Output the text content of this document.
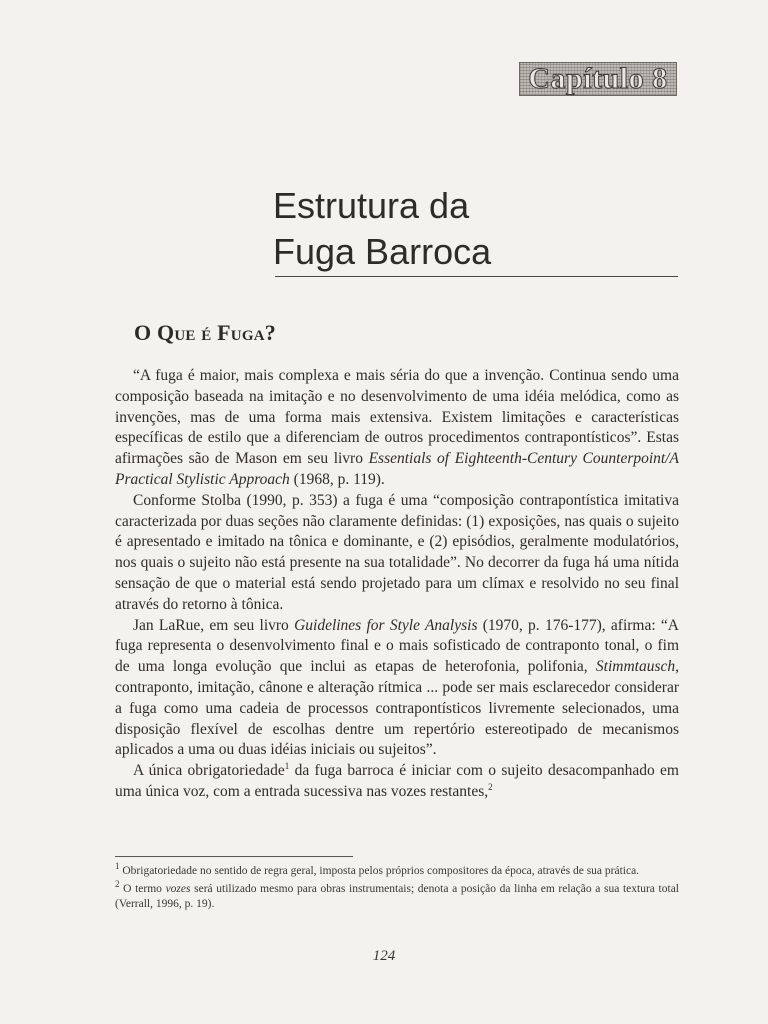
Capítulo 8
Estrutura da
Fuga Barroca
O Que é Fuga?

“A fuga é maior, mais complexa e mais séria do que a invenção. Continua sendo uma composição baseada na imitação e no desenvolvimento de uma idéia melódica, como as invenções, mas de uma forma mais extensiva. Existem limitações e características específicas de estilo que a diferenciam de outros procedimentos contrapontísticos”. Estas afirmações são de Mason em seu livro Essentials of Eighteenth-Century Counterpoint/A Practical Stylistic Approach (1968, p. 119).

Conforme Stolba (1990, p. 353) a fuga é uma “composição contrapontística imitativa caracterizada por duas seções não claramente definidas: (1) exposições, nas quais o sujeito é apresentado e imitado na tônica e dominante, e (2) episódios, geralmente modulatórios, nos quais o sujeito não está presente na sua totalidade”. No decorrer da fuga há uma nítida sensação de que o material está sendo projetado para um clímax e resolvido no seu final através do retorno à tônica.

Jan LaRue, em seu livro Guidelines for Style Analysis (1970, p. 176-177), afirma: “A fuga representa o desenvolvimento final e o mais sofisticado de contraponto tonal, o fim de uma longa evolução que inclui as etapas de heterofonia, polifonia, Stimmtausch, contraponto, imitação, cânone e alteração rítmica ... pode ser mais esclarecedor considerar a fuga como uma cadeia de processos contrapontísticos livremente selecionados, uma disposição flexível de escolhas dentre um repertório estereotipado de mecanismos aplicados a uma ou duas idéias iniciais ou sujeitos”.

A única obrigatoriedade$^1$ da fuga barroca é iniciar com o sujeito desacompanhado em uma única voz, com a entrada sucessiva nas vozes restantes,$^2$

$^1$ Obrigatoriedade no sentido de regra geral, imposta pelos próprios compositores da época, através de sua prática.

$^2$ O termo vozes será utilizado mesmo para obras instrumentais; denota a posição da linha em relação a sua textura total (Verrall, 1996, p. 19).

124
